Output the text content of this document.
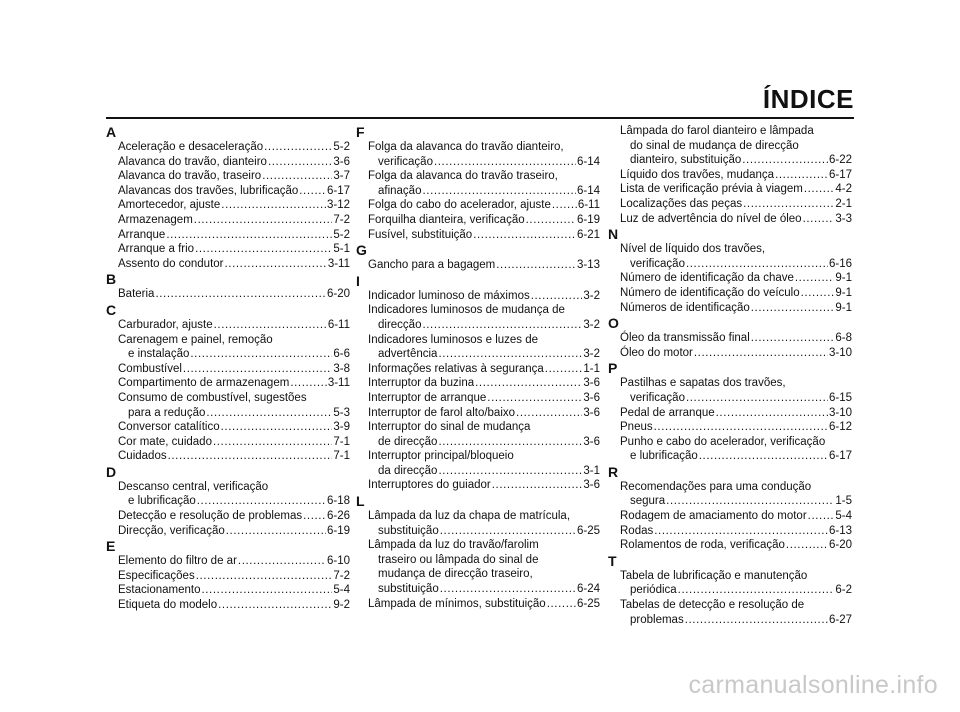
ÍNDICE
A
Aceleração e desaceleração .....	5-2
Alavanca do travão, dianteiro .....	3-6
Alavanca do travão, traseiro .....	3-7
Alavancas dos travões, lubrificação ..... 6-17
Amortecedor, ajuste .....	3-12
Armazenagem .....	7-2
Arranque .....	5-2
Arranque a frio .....	5-1
Assento do condutor .....	3-11
B
Bateria .....	6-20
C
Carburador, ajuste .....	6-11
Carenagem e painel, remoção
e instalação .....	6-6
Combustível .....	3-8
Compartimento de armazenagem .....	3-11
Consumo de combustível, sugestões
para a redução .....	5-3
Conversor catalítico .....	3-9
Cor mate, cuidado .....	7-1
Cuidados .....	7-1
D
Descanso central, verificação
e lubrificação .....	6-18
Detecção e resolução de problemas ..... 6-26
Direcção, verificação .....	6-19
E
Elemento do filtro de ar .....	6-10
Especificações .....	7-2
Estacionamento .....	5-4
Etiqueta do modelo .....	9-2
F
Folga da alavanca do travão dianteiro,
verificação .....	6-14
Folga da alavanca do travão traseiro,
afinação .....	6-14
Folga do cabo do acelerador, ajuste ..... 6-11
Forquilha dianteira, verificação .....	6-19
Fusível, substituição .....	6-21
G
Gancho para a bagagem .....	3-13
I
Indicador luminoso de máximos .....	3-2
Indicadores luminosos de mudança de
direcção .....	3-2
Indicadores luminosos e luzes de
advertência .....	3-2
Informações relativas à segurança .....	1-1
Interruptor da buzina .....	3-6
Interruptor de arranque .....	3-6
Interruptor de farol alto/baixo .....	3-6
Interruptor do sinal de mudança
de direcção .....	3-6
Interruptor principal/bloqueio
da direcção .....	3-1
Interruptores do guiador .....	3-6
L
Lâmpada da luz da chapa de matrícula,
substituição .....	6-25
Lâmpada da luz do travão/farolim
traseiro ou lâmpada do sinal de
mudança de direcção traseiro,
substituição .....	6-24
Lâmpada de mínimos, substituição .....	6-25
Lâmpada do farol dianteiro e lâmpada
do sinal de mudança de direcção
dianteiro, substituição .....	6-22
Líquido dos travões, mudança .....	6-17
Lista de verificação prévia à viagem .....	4-2
Localizações das peças .....	2-1
Luz de advertência do nível de óleo .....	3-3
N
Nível de líquido dos travões,
verificação .....	6-16
Número de identificação da chave .....	9-1
Número de identificação do veículo .....	9-1
Números de identificação .....	9-1
O
Óleo da transmissão final .....	6-8
Óleo do motor .....	3-10
P
Pastilhas e sapatas dos travões,
verificação .....	6-15
Pedal de arranque .....	3-10
Pneus .....	6-12
Punho e cabo do acelerador, verificação
e lubrificação .....	6-17
R
Recomendações para uma condução
segura .....	1-5
Rodagem de amaciamento do motor ..... 5-4
Rodas .....	6-13
Rolamentos de roda, verificação .....	6-20
T
Tabela de lubrificação e manutenção
periódica .....	6-2
Tabelas de detecção e resolução de
problemas .....	6-27
carmanualsonline.info
